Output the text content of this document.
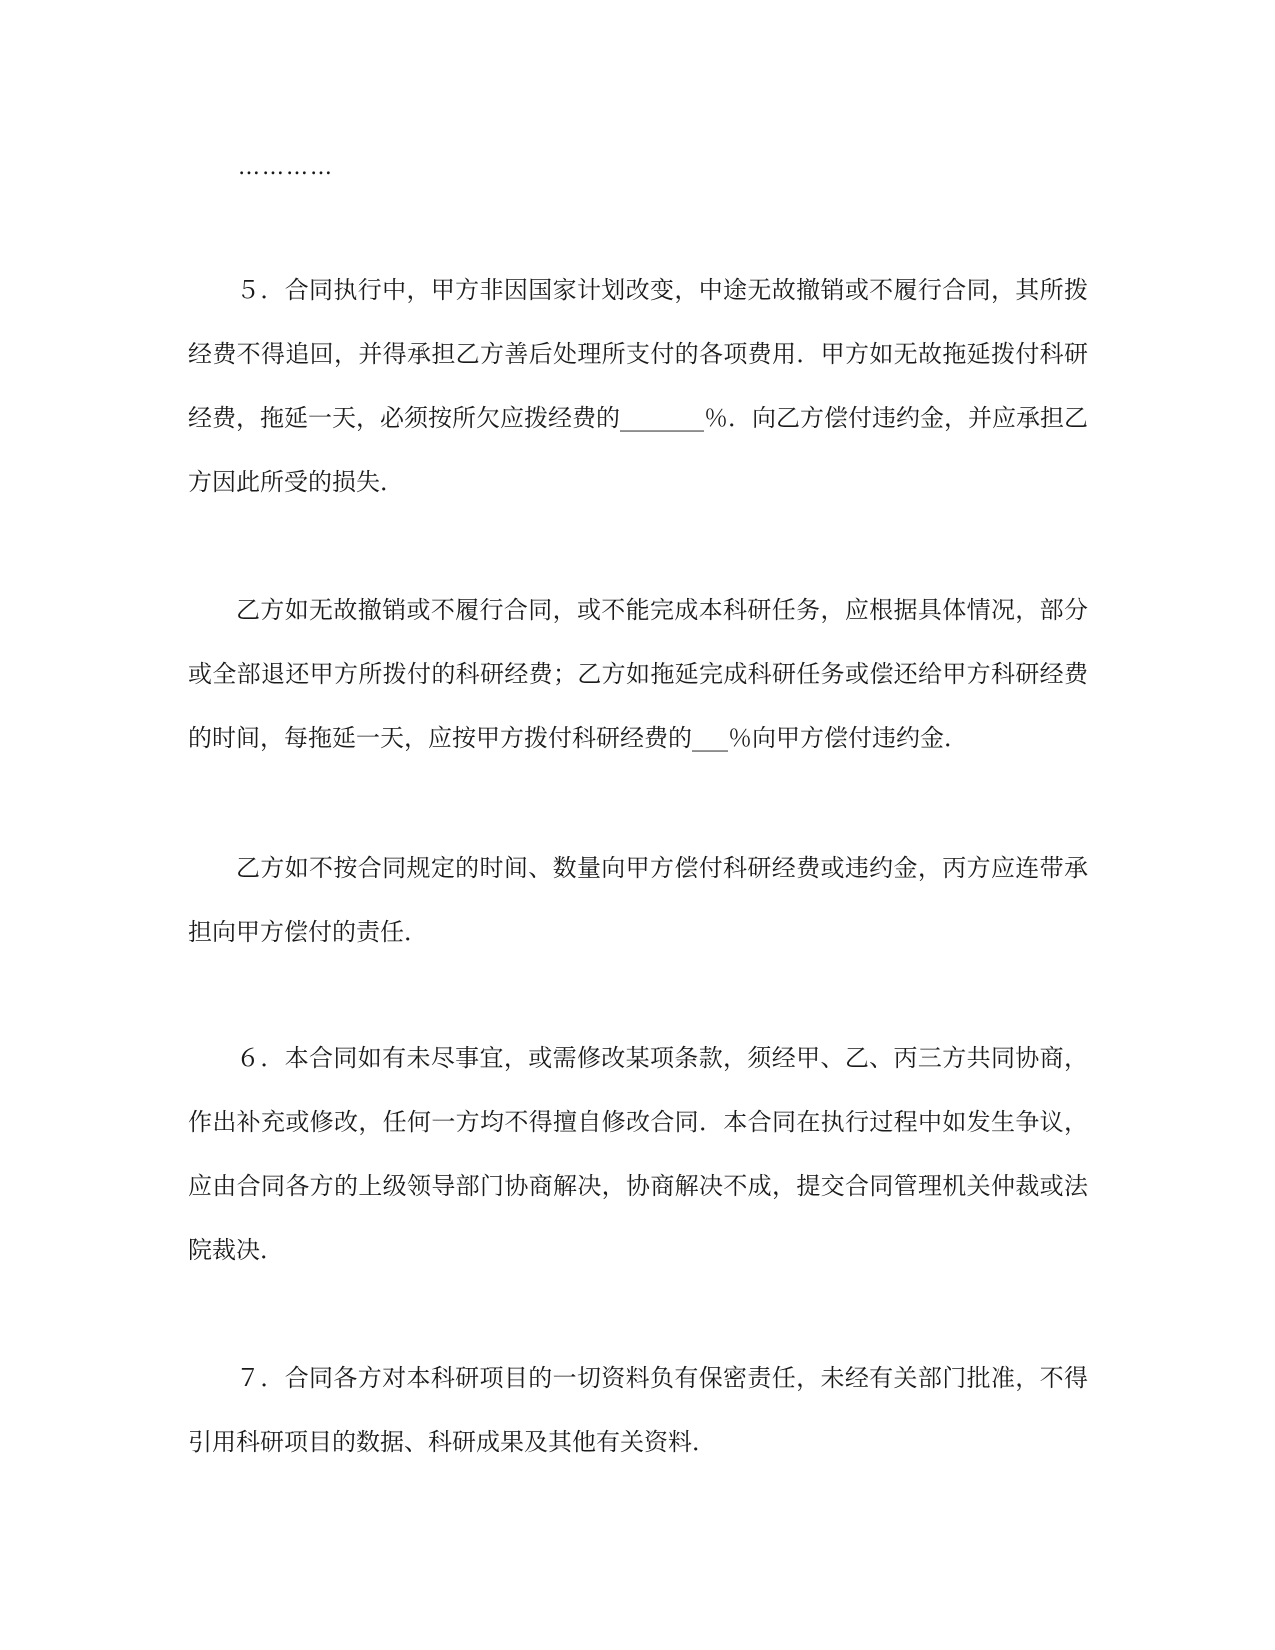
…………

５．合同执行中，甲方非因国家计划改变，中途无故撤销或不履行合同，其所拨经费不得追回，并得承担乙方善后处理所支付的各项费用．甲方如无故拖延拨付科研经费，拖延一天，必须按所欠应拨经费的_______％．向乙方偿付违约金，并应承担乙方因此所受的损失．

乙方如无故撤销或不履行合同，或不能完成本科研任务，应根据具体情况，部分或全部退还甲方所拨付的科研经费；乙方如拖延完成科研任务或偿还给甲方科研经费的时间，每拖延一天，应按甲方拨付科研经费的___％向甲方偿付违约金．

乙方如不按合同规定的时间、数量向甲方偿付科研经费或违约金，丙方应连带承担向甲方偿付的责任．

６．本合同如有未尽事宜，或需修改某项条款，须经甲、乙、丙三方共同协商，作出补充或修改，任何一方均不得擅自修改合同．本合同在执行过程中如发生争议，应由合同各方的上级领导部门协商解决，协商解决不成，提交合同管理机关仲裁或法院裁决．

７．合同各方对本科研项目的一切资料负有保密责任，未经有关部门批准，不得引用科研项目的数据、科研成果及其他有关资料．
